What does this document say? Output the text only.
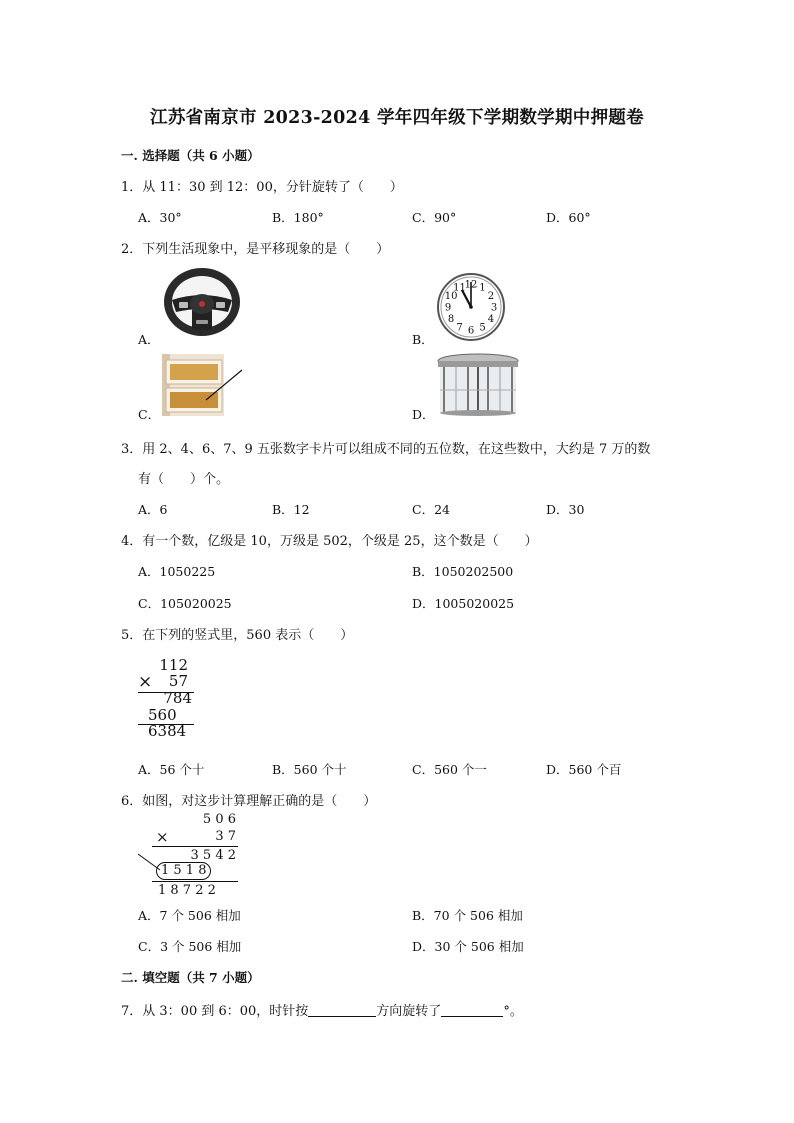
江苏省南京市 2023-2024 学年四年级下学期数学期中押题卷
一. 选择题（共 6 小题）
1．从 11：30 到 12：00，分针旋转了（　　）
A．30°	B．180°	C．90°	D．60°
2．下列生活现象中，是平移现象的是（　　）
A．	B．
12 1
2
3
4
5
6
7
8
9
10
11
C．	D．
3．用 2、4、6、7、9 五张数字卡片可以组成不同的五位数，在这些数中，大约是 7 万的数
有（　　）个。
A．6	B．12	C．24	D．30
4．有一个数，亿级是 10，万级是 502，个级是 25，这个数是（　　）
A．1050225	B．1050202500
C．105020025	D．1005020025
5．在下列的竖式里，560 表示（　　）
112
× 57
784
560
6384
A．56 个十	B．560 个十	C．560 个一	D．560 个百
6．如图，对这步计算理解正确的是（　　）
5 0 6
×	3 7
3 5 4 2
1 5 1 8
1 8 7 2 2
A．7 个 506 相加	B．70 个 506 相加
C．3 个 506 相加	D．30 个 506 相加
二. 填空题（共 7 小题）
7．从 3：00 到 6：00，时针按	方向旋转了	°。
